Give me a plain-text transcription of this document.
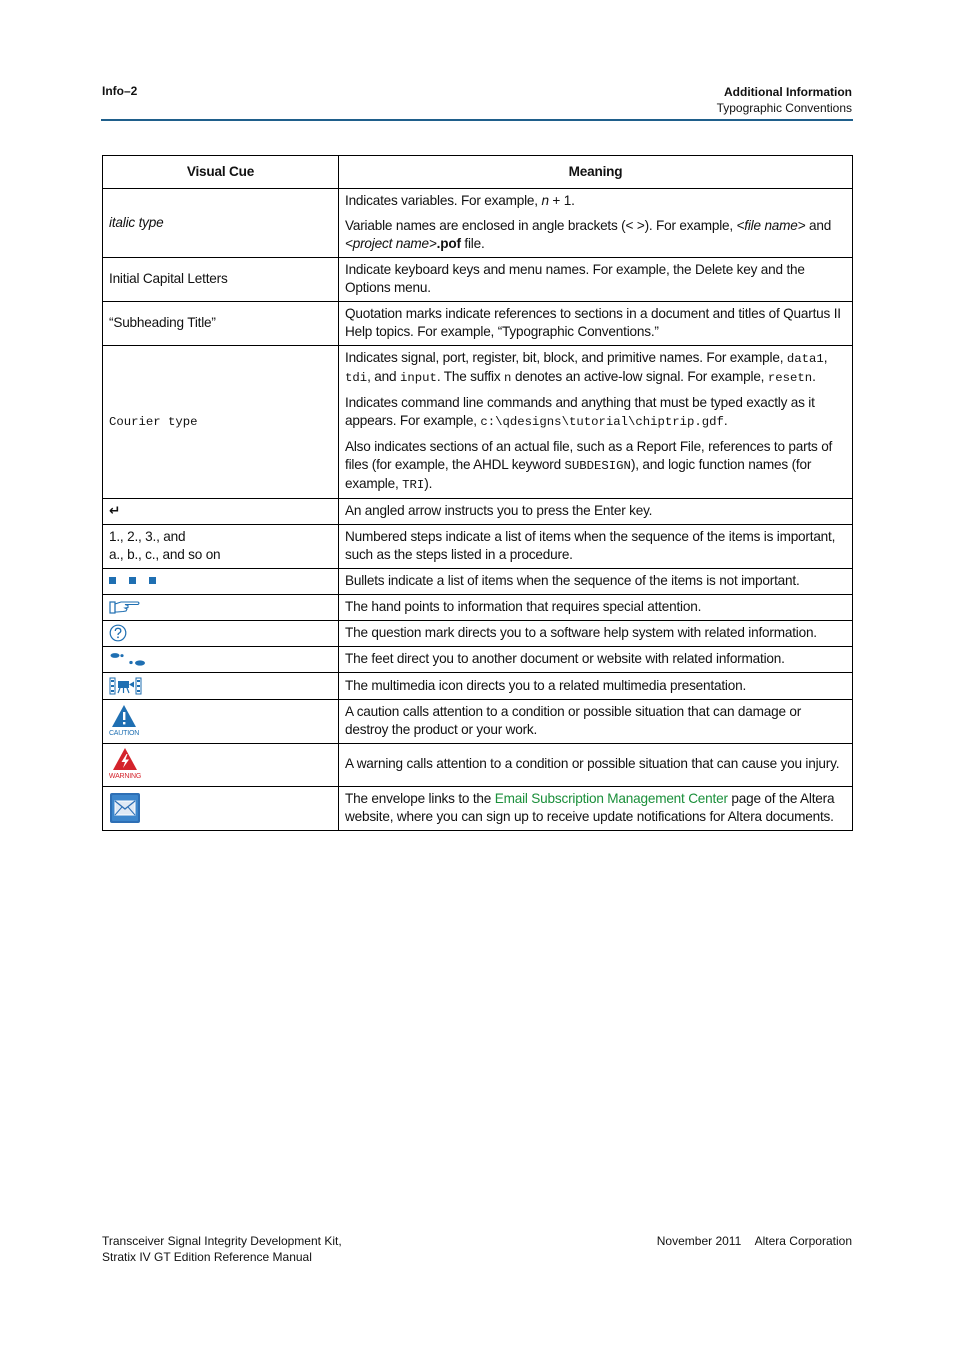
Info–2	Additional Information
Typographic Conventions
Visual Cue	Meaning
italic type	Indicates variables. For example, n + 1.

Variable names are enclosed in angle brackets (< >). For example, <file name> and <project name>.pof file.

Initial Capital Letters	Indicate keyboard keys and menu names. For example, the Delete key and the Options menu.
“Subheading Title”	Quotation marks indicate references to sections in a document and titles of Quartus II Help topics. For example, “Typographic Conventions.”
Courier type	Indicates signal, port, register, bit, block, and primitive names. For example, data1, tdi, and input. The suffix n denotes an active-low signal. For example, resetn.

Indicates command line commands and anything that must be typed exactly as it appears. For example, c:\qdesigns\tutorial\chiptrip.gdf.

Also indicates sections of an actual file, such as a Report File, references to parts of files (for example, the AHDL keyword SUBDESIGN), and logic function names (for example, TRI).

↵	An angled arrow instructs you to press the Enter key.

1., 2., 3., and
a., b., c., and so on	Numbered steps indicate a list of items when the sequence of the items is important, such as the steps listed in a procedure.
	Bullets indicate a list of items when the sequence of the items is not important.
	The hand points to information that requires special attention.
	The question mark directs you to a software help system with related information.
	The feet direct you to another document or website with related information.
	The multimedia icon directs you to a related multimedia presentation.

CAUTION	A caution calls attention to a condition or possible situation that can damage or destroy the product or your work.

WARNING	A warning calls attention to a condition or possible situation that can cause you injury.
	The envelope links to the Email Subscription Management Center page of the Altera website, where you can sign up to receive update notifications for Altera documents.
Transceiver Signal Integrity Development Kit,
Stratix IV GT Edition Reference Manual
November 2011 Altera Corporation
